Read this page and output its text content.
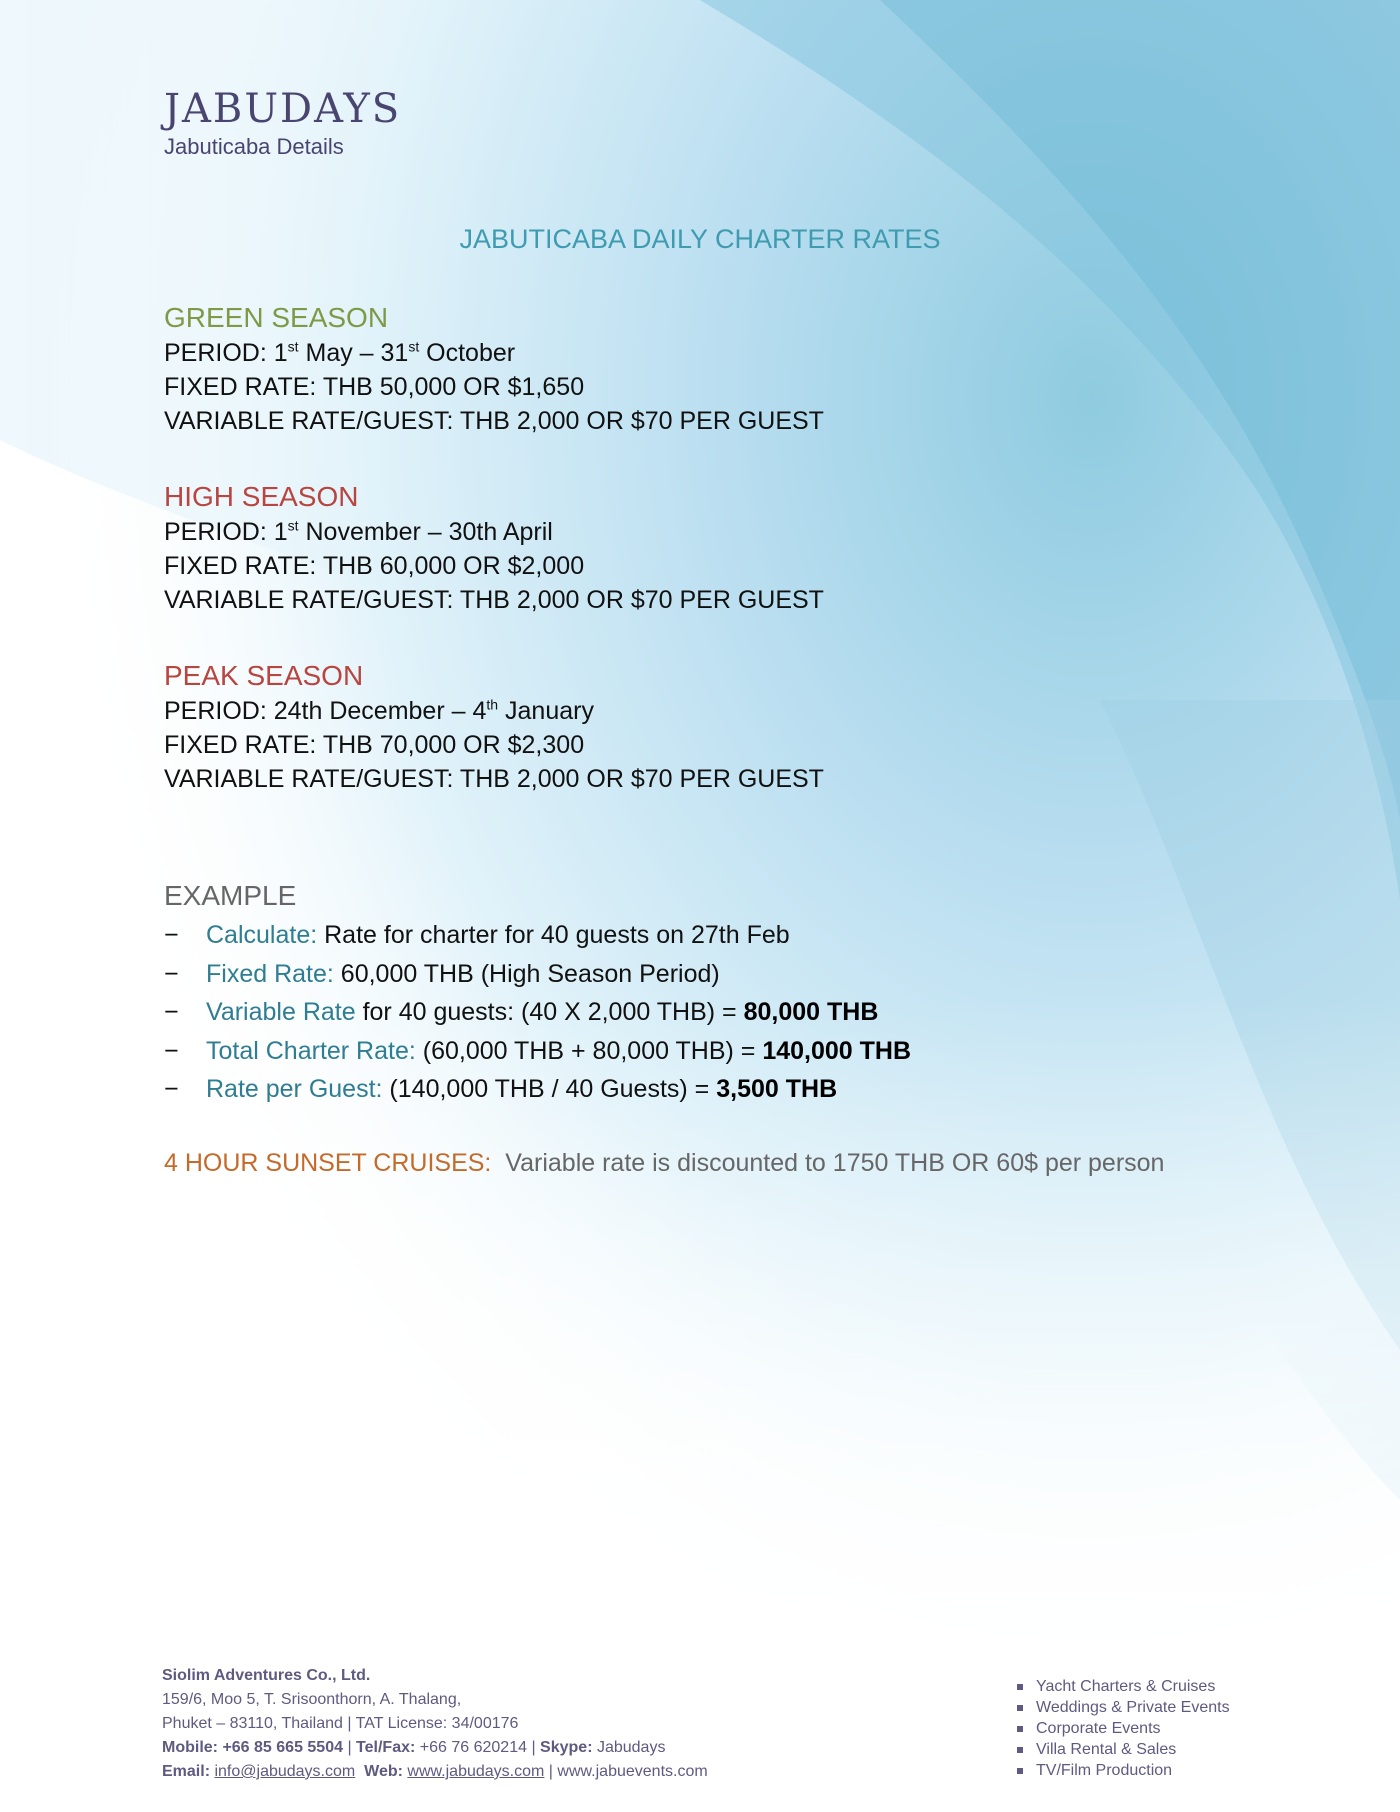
JABUDAYS
Jabuticaba Details
JABUTICABA DAILY CHARTER RATES
GREEN SEASON

PERIOD: 1st May – 31st October

FIXED RATE: THB 50,000 OR $1,650

VARIABLE RATE/GUEST: THB 2,000 OR $70 PER GUEST

HIGH SEASON

PERIOD: 1st November – 30th April

FIXED RATE: THB 60,000 OR $2,000

VARIABLE RATE/GUEST: THB 2,000 OR $70 PER GUEST

PEAK SEASON

PERIOD: 24th December – 4th January

FIXED RATE: THB 70,000 OR $2,300

VARIABLE RATE/GUEST: THB 2,000 OR $70 PER GUEST

EXAMPLE
− Calculate: Rate for charter for 40 guests on 27th Feb
− Fixed Rate: 60,000 THB (High Season Period)
− Variable Rate for 40 guests: (40 X 2,000 THB) = 80,000 THB
− Total Charter Rate: (60,000 THB + 80,000 THB) = 140,000 THB
− Rate per Guest: (140,000 THB / 40 Guests) = 3,500 THB
4 HOUR SUNSET CRUISES:  Variable rate is discounted to 1750 THB OR 60$ per person
Siolim Adventures Co., Ltd.
159/6, Moo 5, T. Srisoonthorn, A. Thalang,
Phuket – 83110, Thailand | TAT License: 34/00176
Mobile: +66 85 665 5504 | Tel/Fax: +66 76 620214 | Skype: Jabudays
Email: info@jabudays.com Web: www.jabudays.com | www.jabuevents.com
Yacht Charters & Cruises
Weddings & Private Events
Corporate Events
Villa Rental & Sales
TV/Film Production
